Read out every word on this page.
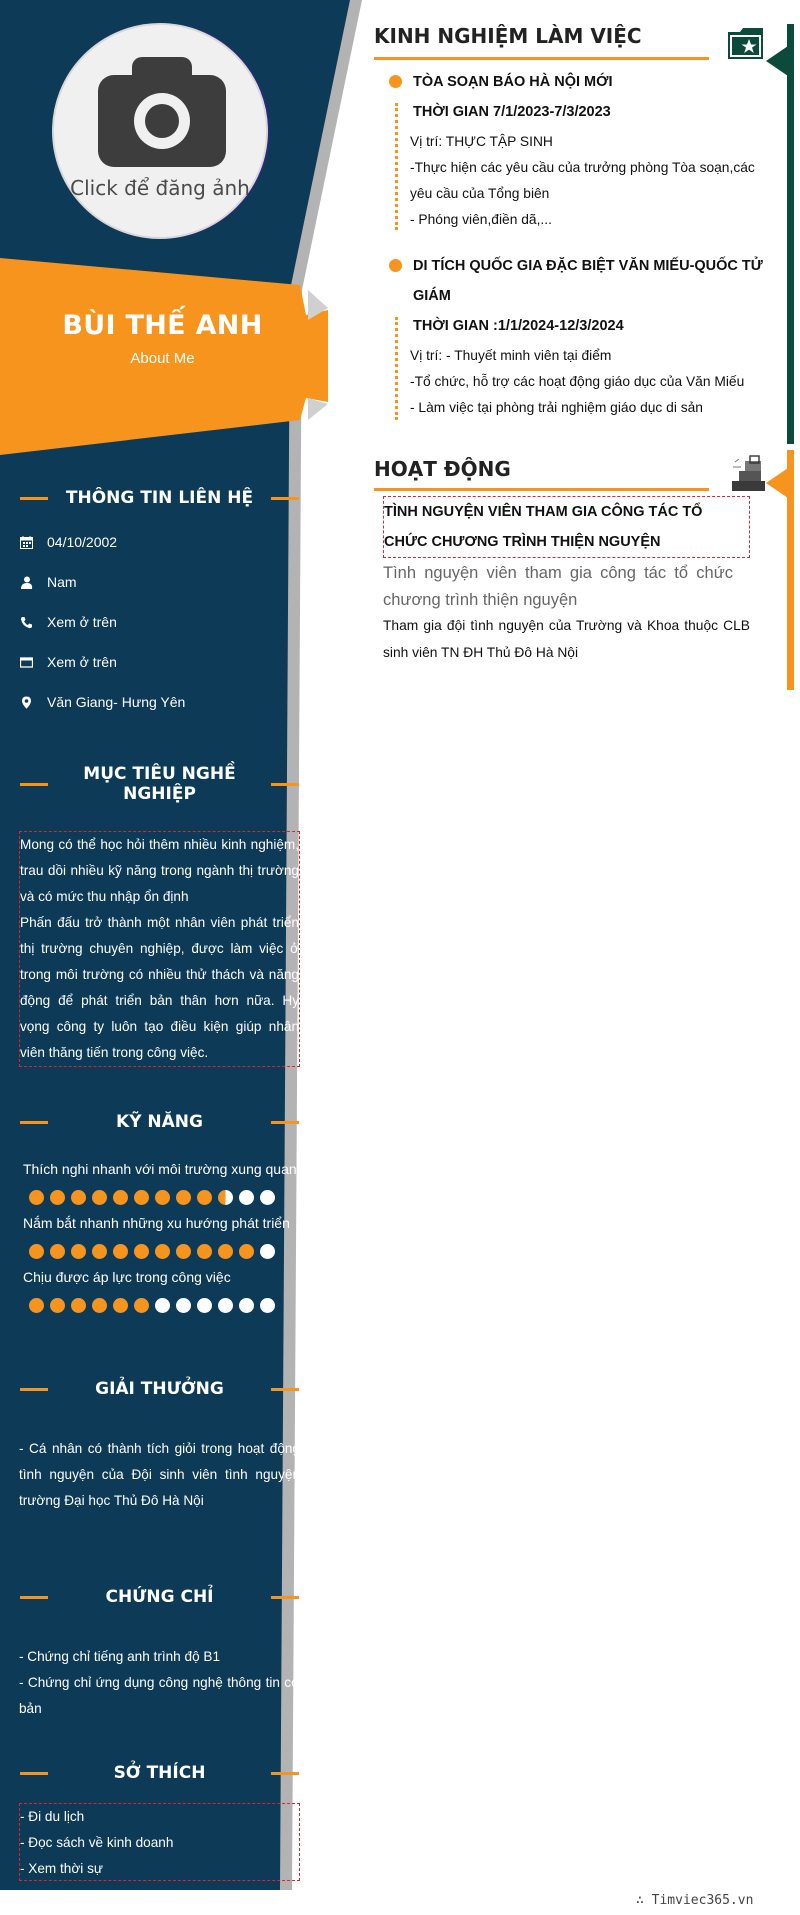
Click để đăng ảnh
BÙI THẾ ANH
About Me
THÔNG TIN LIÊN HỆ
04/10/2002
Nam
Xem ở trên
Xem ở trên
Văn Giang- Hưng Yên
MỤC TIÊU NGHỀ NGHIỆP
Mong có thể học hỏi thêm nhiều kinh nghiệm, trau dồi nhiều kỹ năng trong ngành thị trường và có mức thu nhập ổn định
Phấn đấu trở thành một nhân viên phát triển thị trường chuyên nghiệp, được làm việc ở trong môi trường có nhiều thử thách và năng động để phát triển bản thân hơn nữa. Hy vọng công ty luôn tạo điều kiện giúp nhân viên thăng tiến trong công việc.
KỸ NĂNG
Thích nghi nhanh với môi trường xung quanh
Nắm bắt nhanh những xu hướng phát triển
Chịu được áp lực trong công việc
GIẢI THƯỞNG
- Cá nhân có thành tích giỏi trong hoạt động tình nguyện của Đội sinh viên tình nguyện trường Đại học Thủ Đô Hà Nội
CHỨNG CHỈ
- Chứng chỉ tiếng anh trình độ B1
- Chứng chỉ ứng dụng công nghệ thông tin cơ bản
SỞ THÍCH
- Đi du lịch
- Đọc sách về kinh doanh
- Xem thời sự
KINH NGHIỆM LÀM VIỆC
TÒA SOẠN BÁO HÀ NỘI MỚI
THỜI GIAN 7/1/2023-7/3/2023
Vị trí: THỰC TẬP SINH
-Thực hiện các yêu cầu của trưởng phòng Tòa soạn,các yêu cầu của Tổng biên
- Phóng viên,điền dã,...
DI TÍCH QUỐC GIA ĐẶC BIỆT VĂN MIẾU-QUỐC TỬ GIÁM
THỜI GIAN :1/1/2024-12/3/2024
Vị trí: - Thuyết minh viên tại điểm
-Tổ chức, hỗ trợ các hoạt động giáo dục của Văn Miếu
- Làm việc tại phòng trải nghiệm giáo dục di sản
HOẠT ĐỘNG
TÌNH NGUYỆN VIÊN THAM GIA CÔNG TÁC TỔ CHỨC CHƯƠNG TRÌNH THIỆN NGUYỆN
Tình nguyện viên tham gia công tác tổ chức chương trình thiện nguyện
Tham gia đội tình nguyện của Trường và Khoa thuộc CLB sinh viên TN ĐH Thủ Đô Hà Nội
∴ Timviec365.vn
